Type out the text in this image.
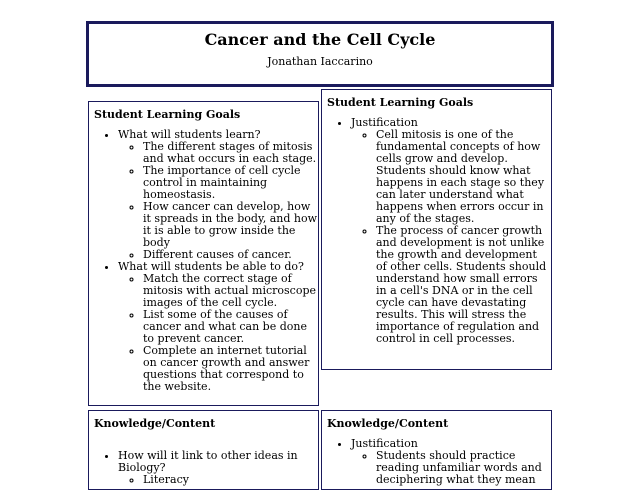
Cancer and the Cell Cycle
Jonathan Iaccarino
Student Learning Goals
• What will students learn?
◦ The different stages of mitosis and what occurs in each stage.
◦ The importance of cell cycle control in maintaining homeostasis.
◦ How cancer can develop, how it spreads in the body, and how it is able to grow inside the body
◦ Different causes of cancer.
• What will students be able to do?
◦ Match the correct stage of mitosis with actual microscope images of the cell cycle.
◦ List some of the causes of cancer and what can be done to prevent cancer.
◦ Complete an internet tutorial on cancer growth and answer questions that correspond to the website.
Student Learning Goals
• Justification
◦ Cell mitosis is one of the fundamental concepts of how cells grow and develop. Students should know what happens in each stage so they can later understand what happens when errors occur in any of the stages.
◦ The process of cancer growth and development is not unlike the growth and development of other cells. Students should understand how small errors in a cell's DNA or in the cell cycle can have devastating results. This will stress the importance of regulation and control in cell processes.
Knowledge/Content
• How will it link to other ideas in Biology?
◦ Literacy
Knowledge/Content
• Justification
◦ Students should practice reading unfamiliar words and deciphering what they mean
